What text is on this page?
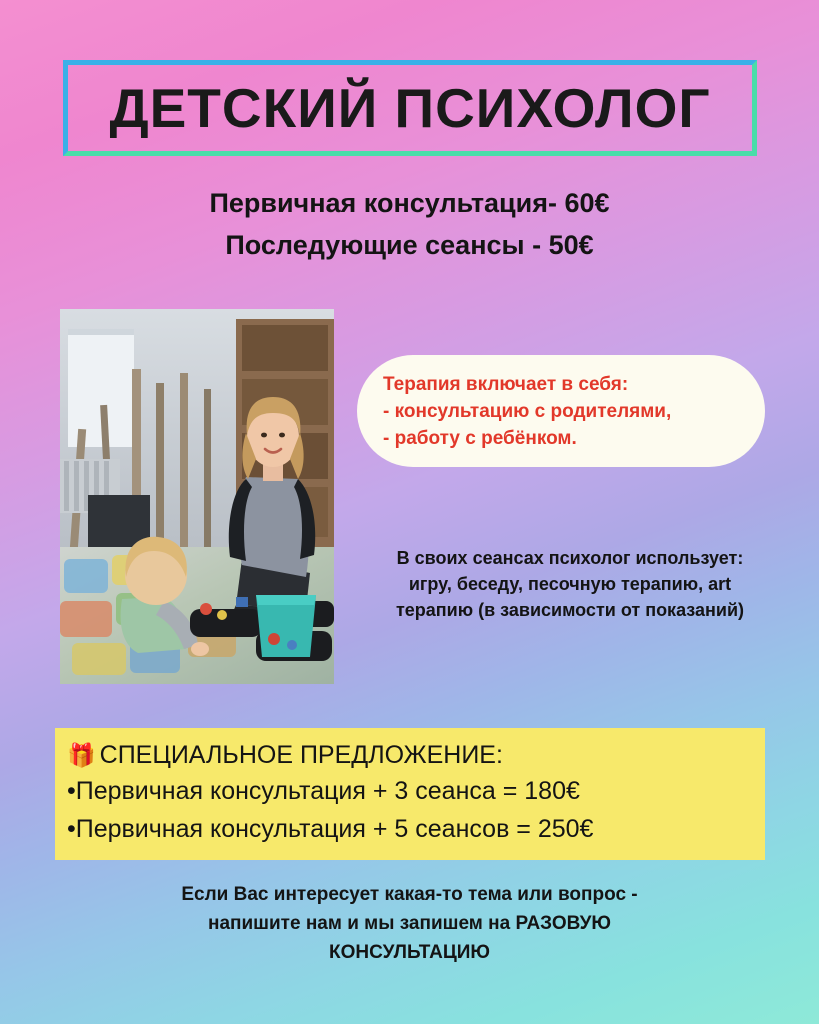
ДЕТСКИЙ ПСИХОЛОГ
Первичная консультация- 60€
Последующие сеансы - 50€
Терапия включает в себя:
- консультацию с родителями,
- работу с ребёнком.
В своих сеансах психолог использует:
игру, беседу, песочную терапию, art
терапию (в зависимости от показаний)
🎁 СПЕЦИАЛЬНОЕ ПРЕДЛОЖЕНИЕ:
•Первичная консультация + 3 сеанса = 180€
•Первичная консультация + 5 сеансов = 250€
Если Вас интересует какая-то тема или вопрос -
напишите нам и мы запишем на РАЗОВУЮ
КОНСУЛЬТАЦИЮ
